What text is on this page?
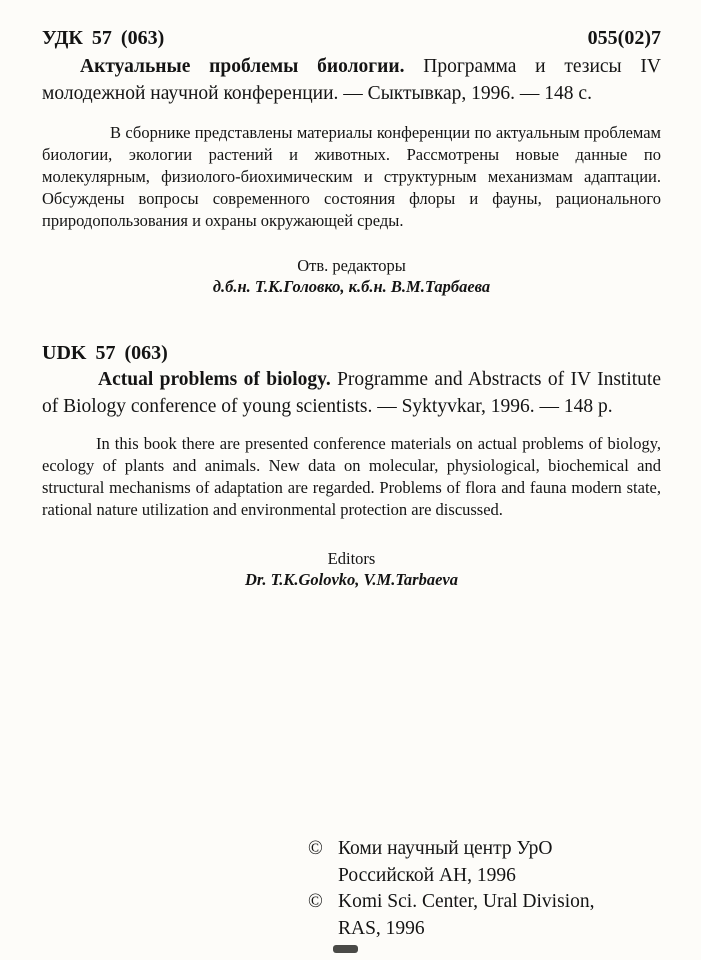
УДК 57 (063)	055(02)7

Актуальные проблемы биологии. Программа и тезисы IV молодежной научной конференции. — Сыктывкар, 1996. — 148 с.

В сборнике представлены материалы конференции по актуальным проблемам биологии, экологии растений и животных. Рассмотрены новые данные по молекулярным, физиолого-биохимическим и структурным механизмам адаптации. Обсуждены вопросы современного состояния флоры и фауны, рационального природопользования и охраны окружающей среды.

Отв. редакторы

д.б.н. Т.К.Головко, к.б.н. В.М.Тарбаева

UDK 57 (063)

Actual problems of biology. Programme and Abstracts of IV Institute of Biology conference of young scientists. — Syktyvkar, 1996. — 148 p.

In this book there are presented conference materials on actual problems of biology, ecology of plants and animals. New data on molecular, physiological, biochemical and structural mechanisms of adaptation are regarded. Problems of flora and fauna modern state, rational nature utilization and environmental protection are discussed.

Editors

Dr. T.K.Golovko, V.M.Tarbaeva

© Коми научный центр УрО
Российской АН, 1996
© Komi Sci. Center, Ural Division,
RAS, 1996
